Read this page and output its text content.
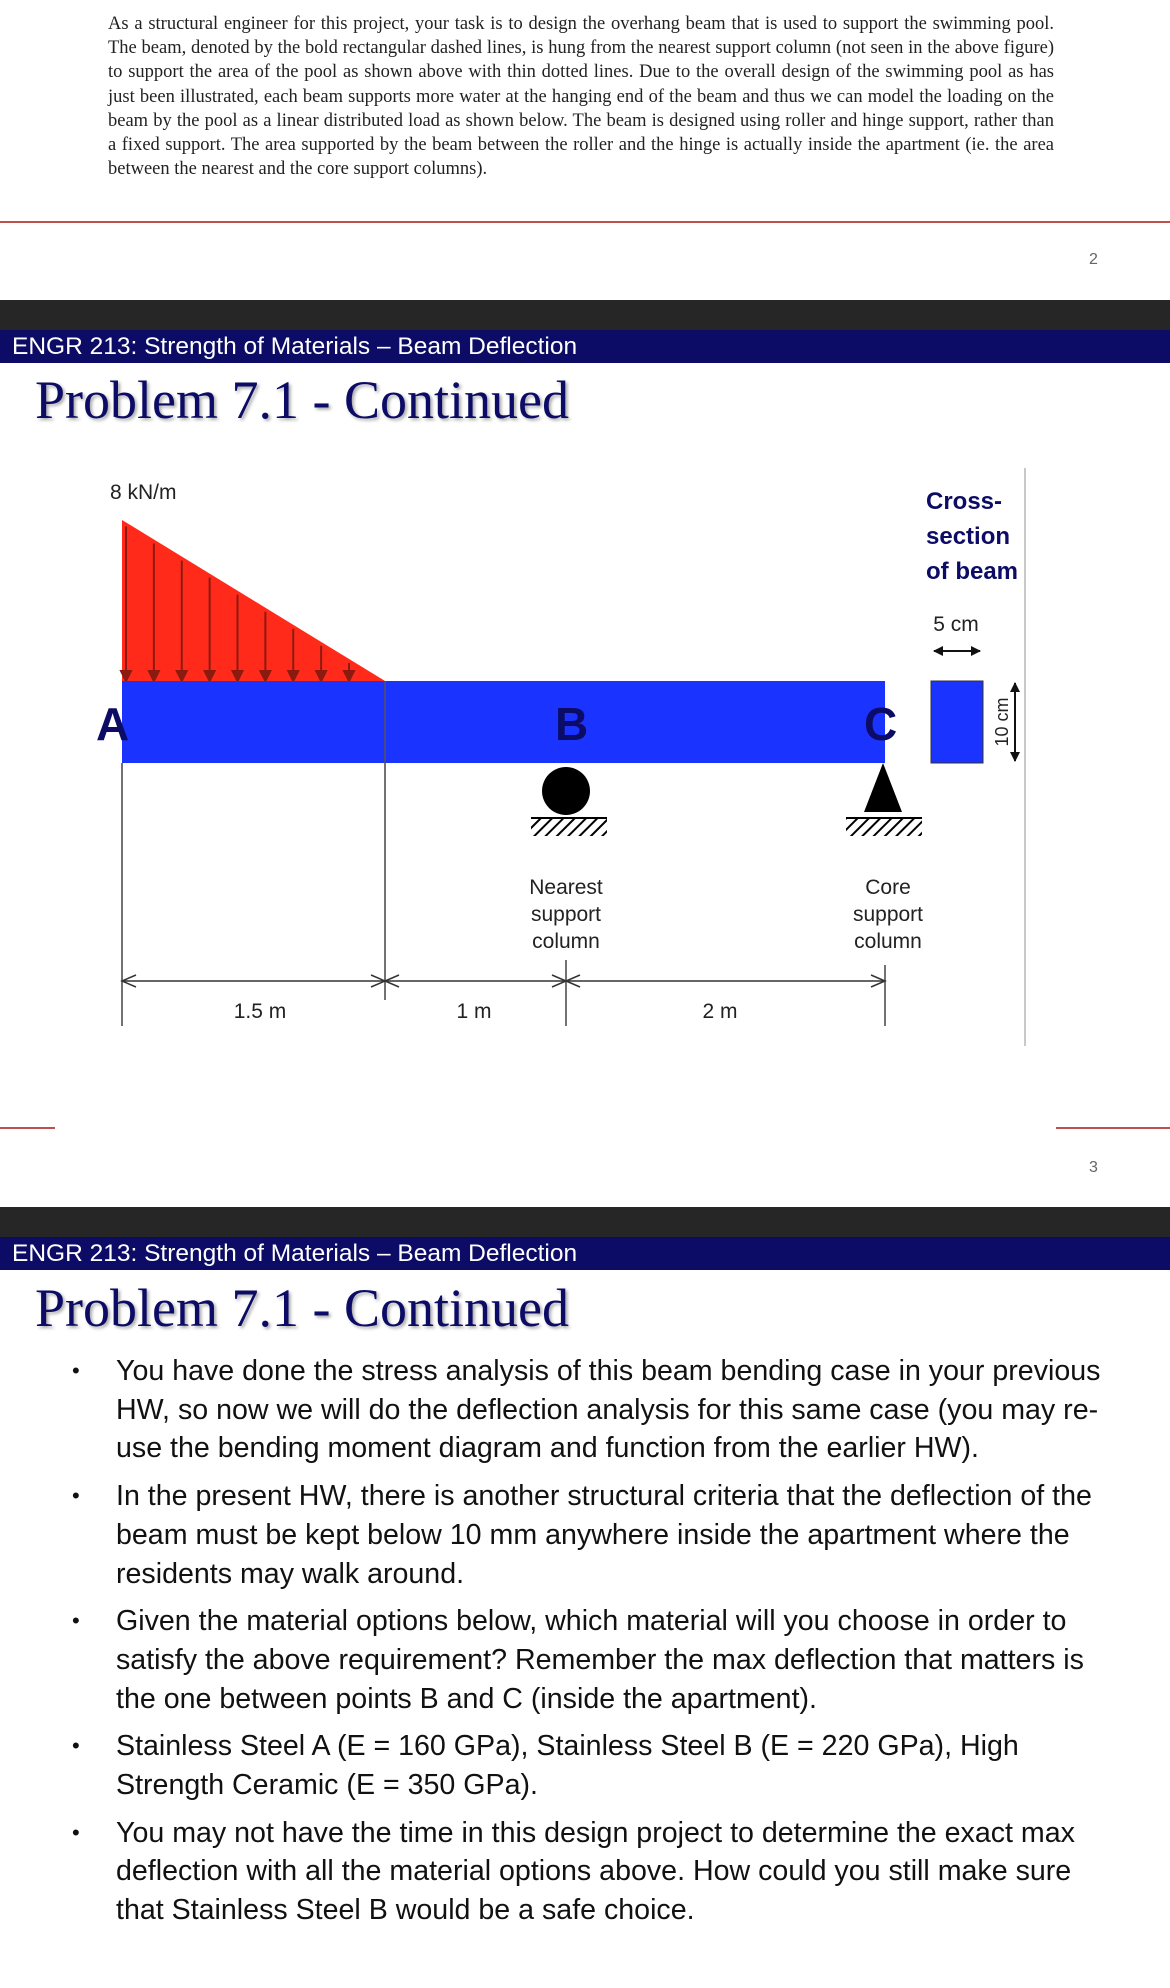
As a structural engineer for this project, your task is to design the overhang beam that is used to support the swimming pool. The beam, denoted by the bold rectangular dashed lines, is hung from the nearest support column (not seen in the above figure) to support the area of the pool as shown above with thin dotted lines. Due to the overall design of the swimming pool as has just been illustrated, each beam supports more water at the hanging end of the beam and thus we can model the loading on the beam by the pool as a linear distributed load as shown below. The beam is designed using roller and hinge support, rather than a fixed support. The area supported by the beam between the roller and the hinge is actually inside the apartment (ie. the area between the nearest and the core support columns).

2
ENGR 213: Strength of Materials – Beam Deflection
Problem 7.1 - Continued
8 kN/m
A	B	C
Nearest
support
column
Core
support
column
1.5 m	1 m	2 m
Cross-
section
of beam
5 cm
10 cm
3
ENGR 213: Strength of Materials – Beam Deflection
Problem 7.1 - Continued
• You have done the stress analysis of this beam bending case in your previous HW, so now we will do the deflection analysis for this same case (you may re-use the bending moment diagram and function from the earlier HW).
• In the present HW, there is another structural criteria that the deflection of the beam must be kept below 10 mm anywhere inside the apartment where the residents may walk around.
• Given the material options below, which material will you choose in order to satisfy the above requirement? Remember the max deflection that matters is the one between points B and C (inside the apartment).
• Stainless Steel A (E = 160 GPa), Stainless Steel B (E = 220 GPa), High Strength Ceramic (E = 350 GPa).
• You may not have the time in this design project to determine the exact max deflection with all the material options above. How could you still make sure that Stainless Steel B would be a safe choice.
